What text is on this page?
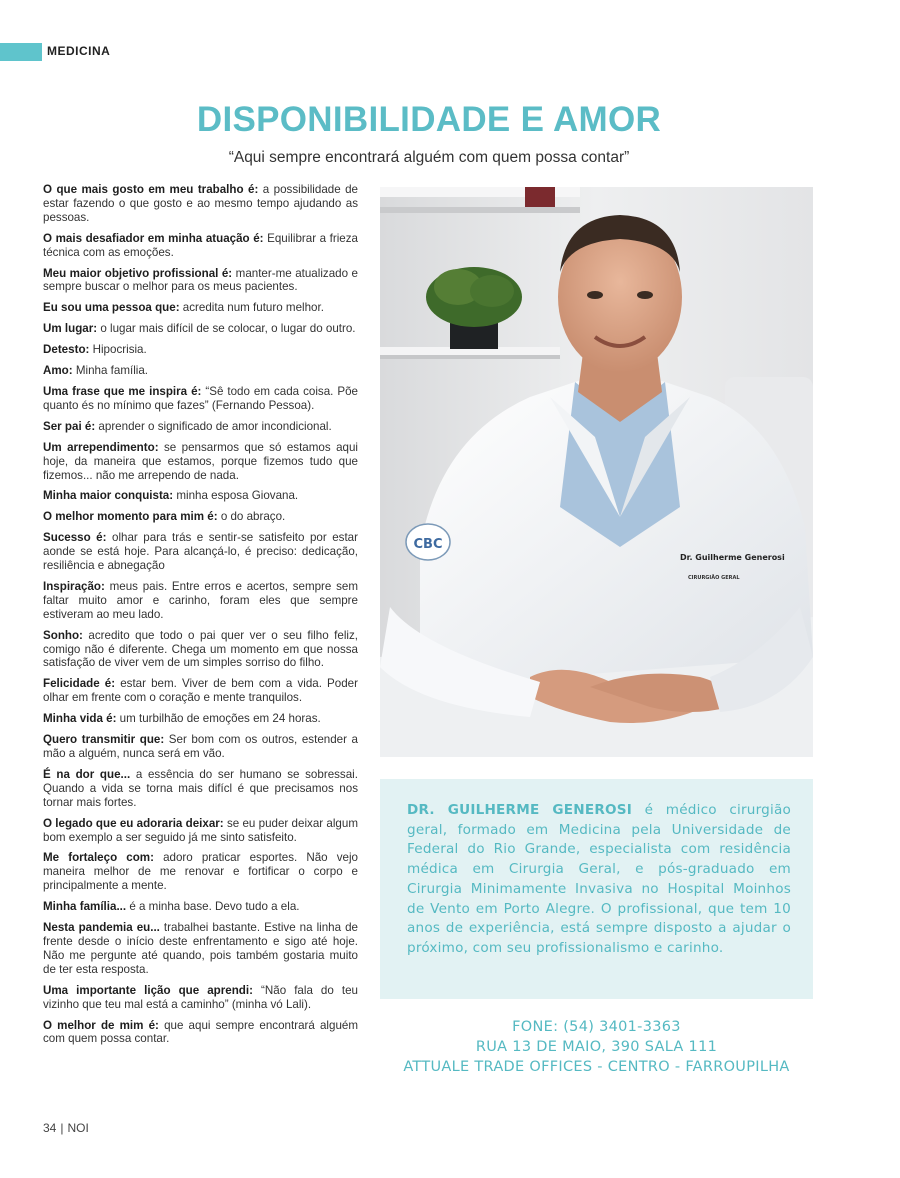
MEDICINA
DISPONIBILIDADE E AMOR

“Aqui sempre encontrará alguém com quem possa contar”

O que mais gosto em meu trabalho é: a possibilidade de estar fazendo o que gosto e ao mesmo tempo ajudando as pessoas.

O mais desafiador em minha atuação é: Equilibrar a frieza técnica com as emoções.

Meu maior objetivo profissional é: manter-me atualizado e sempre buscar o melhor para os meus pacientes.

Eu sou uma pessoa que: acredita num futuro melhor.

Um lugar: o lugar mais difícil de se colocar, o lugar do outro.

Detesto: Hipocrisia.

Amo: Minha família.

Uma frase que me inspira é: “Sê todo em cada coisa. Põe quanto és no mínimo que fazes” (Fernando Pessoa).

Ser pai é: aprender o significado de amor incondicional.

Um arrependimento: se pensarmos que só estamos aqui hoje, da maneira que estamos, porque fizemos tudo que fizemos... não me arrependo de nada.

Minha maior conquista: minha esposa Giovana.

O melhor momento para mim é: o do abraço.

Sucesso é: olhar para trás e sentir-se satisfeito por estar aonde se está hoje. Para alcançá-lo, é preciso: dedicação, resiliência e abnegação

Inspiração: meus pais. Entre erros e acertos, sempre sem faltar muito amor e carinho, foram eles que sempre estiveram ao meu lado.

Sonho: acredito que todo o pai quer ver o seu filho feliz, comigo não é diferente. Chega um momento em que nossa satisfação de viver vem de um simples sorriso do filho.

Felicidade é: estar bem. Viver de bem com a vida. Poder olhar em frente com o coração e mente tranquilos.

Minha vida é: um turbilhão de emoções em 24 horas.

Quero transmitir que: Ser bom com os outros, estender a mão a alguém, nunca será em vão.

É na dor que... a essência do ser humano se sobressai. Quando a vida se torna mais difícl é que precisamos nos tornar mais fortes.

O legado que eu adoraria deixar: se eu puder deixar algum bom exemplo a ser seguido já me sinto satisfeito.

Me fortaleço com: adoro praticar esportes. Não vejo maneira melhor de me renovar e fortificar o corpo e principalmente a mente.

Minha família... é a minha base. Devo tudo a ela.

Nesta pandemia eu... trabalhei bastante. Estive na linha de frente desde o início deste enfrentamento e sigo até hoje. Não me pergunte até quando, pois também gostaria muito de ter esta resposta.

Uma importante lição que aprendi: “Não fala do teu vizinho que teu mal está a caminho” (minha vó Lali).

O melhor de mim é: que aqui sempre encontrará alguém com quem possa contar.

CBC
Dr. Guilherme Generosi
CIRURGIÃO GERAL

DR. GUILHERME GENEROSI é médico cirurgião geral, formado em Medicina pela Universidade de Federal do Rio Grande, especialista com residência médica em Cirurgia Geral, e pós-graduado em Cirurgia Minimamente Invasiva no Hospital Moinhos de Vento em Porto Alegre. O profissional, que tem 10 anos de experiência, está sempre disposto a ajudar o próximo, com seu profissionalismo e carinho.

FONE: (54) 3401-3363
RUA 13 DE MAIO, 390 SALA 111
ATTUALE TRADE OFFICES - CENTRO - FARROUPILHA
34 | NOI
